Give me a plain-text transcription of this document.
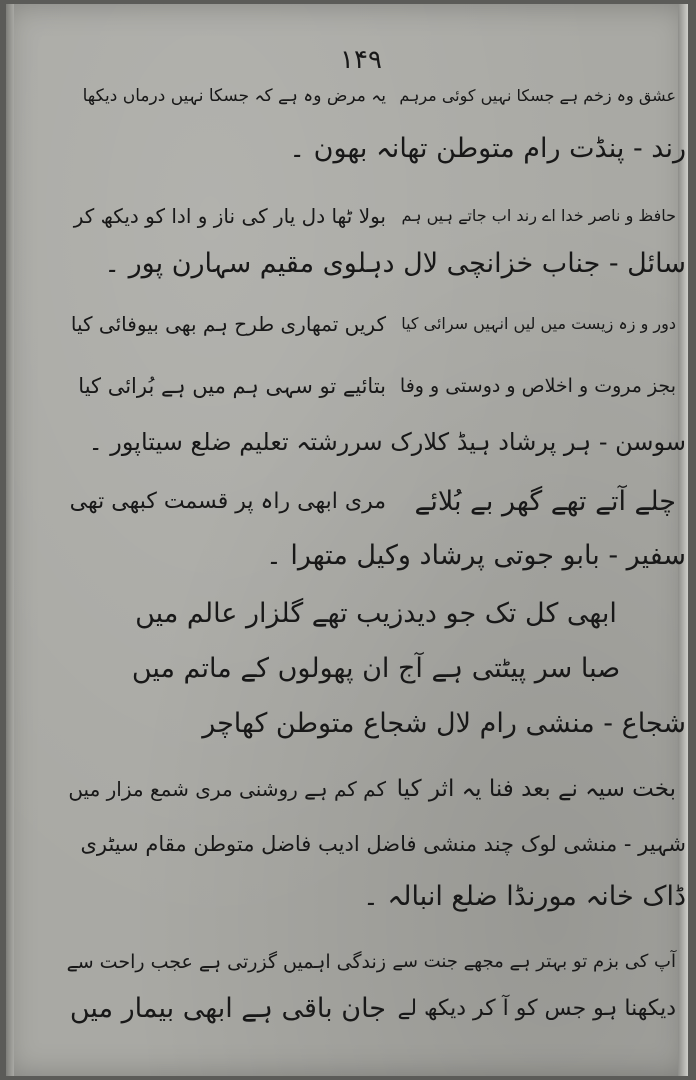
۱۴۹
عشق وہ زخم ہے جسکا نہیں کوئی مرہم
یہ مرض وہ ہے کہ جسکا نہیں درماں دیکھا
رند - پنڈت رام متوطن تھانہ بھون ۔
حافظ و ناصر خدا اے رند اب جاتے ہیں ہم
بولا ٹھا دل یار کی ناز و ادا کو دیکھ کر
سائل - جناب خزانچی لال دہلوی مقیم سہارن پور ۔
دور و زہ زیست میں لیں انہیں سرائی کیا
کریں تمھاری طرح ہم بھی بیوفائی کیا
بجز مروت و اخلاص و دوستی و وفا
بتائیے تو سہی ہم میں ہے بُرائی کیا
سوسن - ہر پرشاد ہیڈ کلارک سررشتہ تعلیم ضلع سیتاپور ۔
چلے آتے تھے گھر بے بُلائے
مری ابھی راہ پر قسمت کبھی تھی
سفیر - بابو جوتی پرشاد وکیل متھرا ۔
ابھی کل تک جو دیدزیب تھے گلزار عالم میں
صبا سر پیٹتی ہے آج ان پھولوں کے ماتم میں
شجاع - منشی رام لال شجاع متوطن کھاچر
بخت سیہ نے بعد فنا یہ اثر کیا
کم کم ہے روشنی مری شمع مزار میں
شہیر - منشی لوک چند منشی فاضل ادیب فاضل متوطن مقام سیٹری
ڈاک خانہ مورنڈا ضلع انبالہ ۔
آپ کی بزم تو بہتر ہے مجھے جنت سے
زندگی اہمیں گزرتی ہے عجب راحت سے
دیکھنا ہو جس کو آ کر دیکھ لے
جان باقی ہے ابھی بیمار میں
